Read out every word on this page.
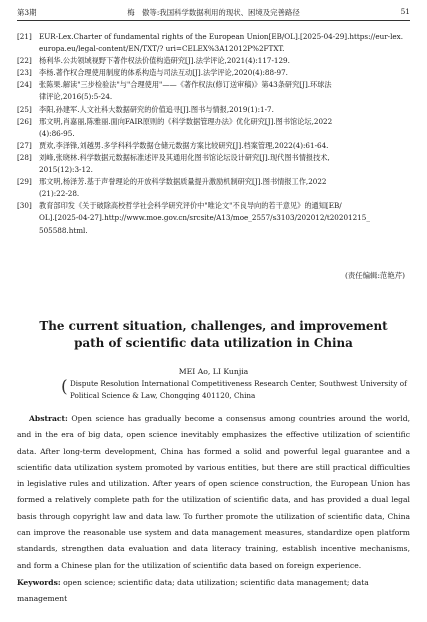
第3期	梅　傲等:我国科学数据利用的现状、困境及完善路径	51
[21]	EUR-Lex.Charter of fundamental rights of the European Union[EB/OL].[2025-04-29].https://eur-lex.
europa.eu/legal-content/EN/TXT/? uri=CELEX%3A12012P%2FTXT.
[22]	杨利华.公共领域视野下著作权法价值构造研究[J].法学评论,2021(4):117-129.
[23]	李杨.著作权合理使用制度的体系构造与司法互动[J].法学评论,2020(4):88-97.
[24]	张陈果.解读"三步检验法"与"合理使用"——《著作权法(修订送审稿)》第43条研究[J].环球法
律评论,2016(5):5-24.
[25]	李阳,孙建军.人文社科大数据研究的价值追寻[J].图书与情报,2019(1):1-7.
[26]	邢文明,肖嘉丽,陈雅丽.面向FAIR原则的《科学数据管理办法》优化研究[J].图书馆论坛,2022
(4):86-95.
[27]	贾欢,李泽锋,刘越男.多学科科学数据仓储元数据方案比较研究[J].档案管理,2022(4):61-64.
[28]	刘峰,张晓林.科学数据元数据标准述评及其通用化图书馆论坛设计研究[J].现代图书情报技术,
2015(12):3-12.
[29]	邢文明,杨泽芳.基于声誉理论的开放科学数据质量提升激励机制研究[J].图书情报工作,2022
(21):22-28.
[30]	教育部印发《关于破除高校哲学社会科学研究评价中"唯论文"不良导向的若干意见》的通知[EB/
OL].[2025-04-27].http://www.moe.gov.cn/srcsite/A13/moe_2557/s3103/202012/t20201215_
505588.html.
(责任编辑:范艳芹)
The current situation, challenges, and improvement
path of scientific data utilization in China
MEI Ao, LI Kunjia
( Dispute Resolution International Competitiveness Research Center, Southwest University of
Political Science & Law, Chongqing 401120, China
Abstract: Open science has gradually become a consensus among countries around the world, and in the era of big data, open science inevitably emphasizes the effective utilization of scientific data. After long-term development, China has formed a solid and powerful legal guarantee and a scientific data utilization system promoted by various entities, but there are still practical difficulties in legislative rules and utilization. After years of open science construction, the European Union has formed a relatively complete path for the utilization of scientific data, and has provided a dual legal basis through copyright law and data law. To further promote the utilization of scientific data, China can improve the reasonable use system and data management measures, standardize open platform standards, strengthen data evaluation and data literacy training, establish incentive mechanisms, and form a Chinese plan for the utilization of scientific data based on foreign experience.
Keywords: open science; scientific data; data utilization; scientific data management; data management
